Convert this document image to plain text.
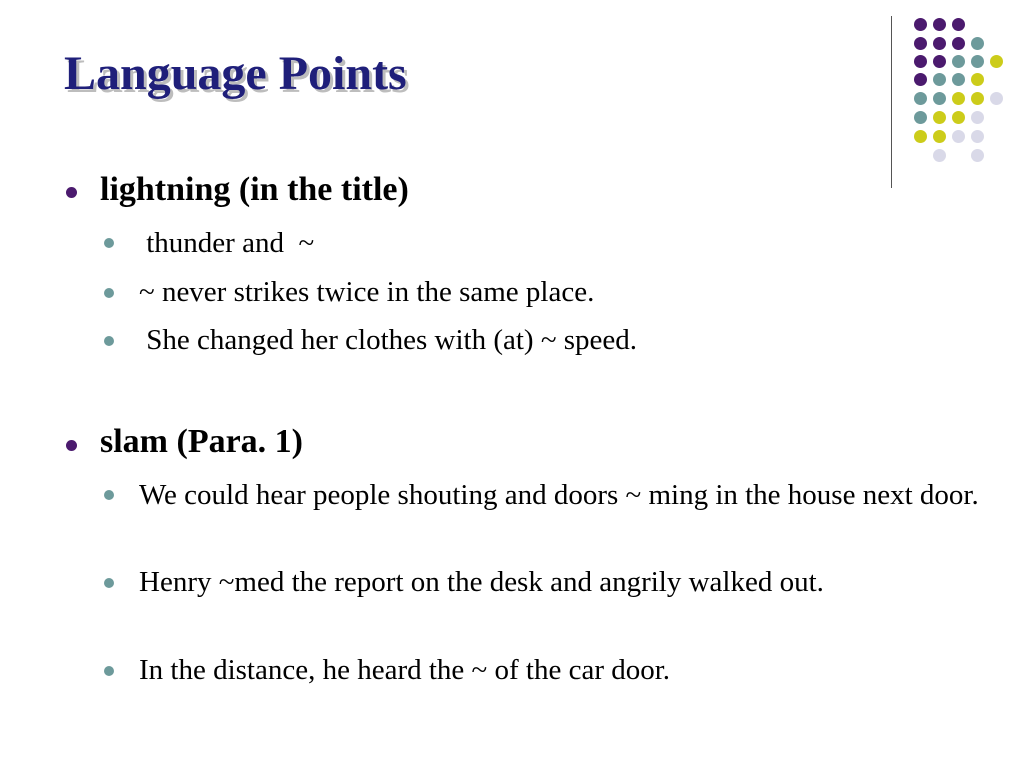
Language Points
lightning (in the title)
thunder and  ~
~ never strikes twice in the same place.
She changed her clothes with (at) ~ speed.
slam (Para. 1)
We could hear people shouting and doors ~ ming in the house next door.
Henry ~med the report on the desk and angrily walked out.
In the distance, he heard the ~ of the car door.
